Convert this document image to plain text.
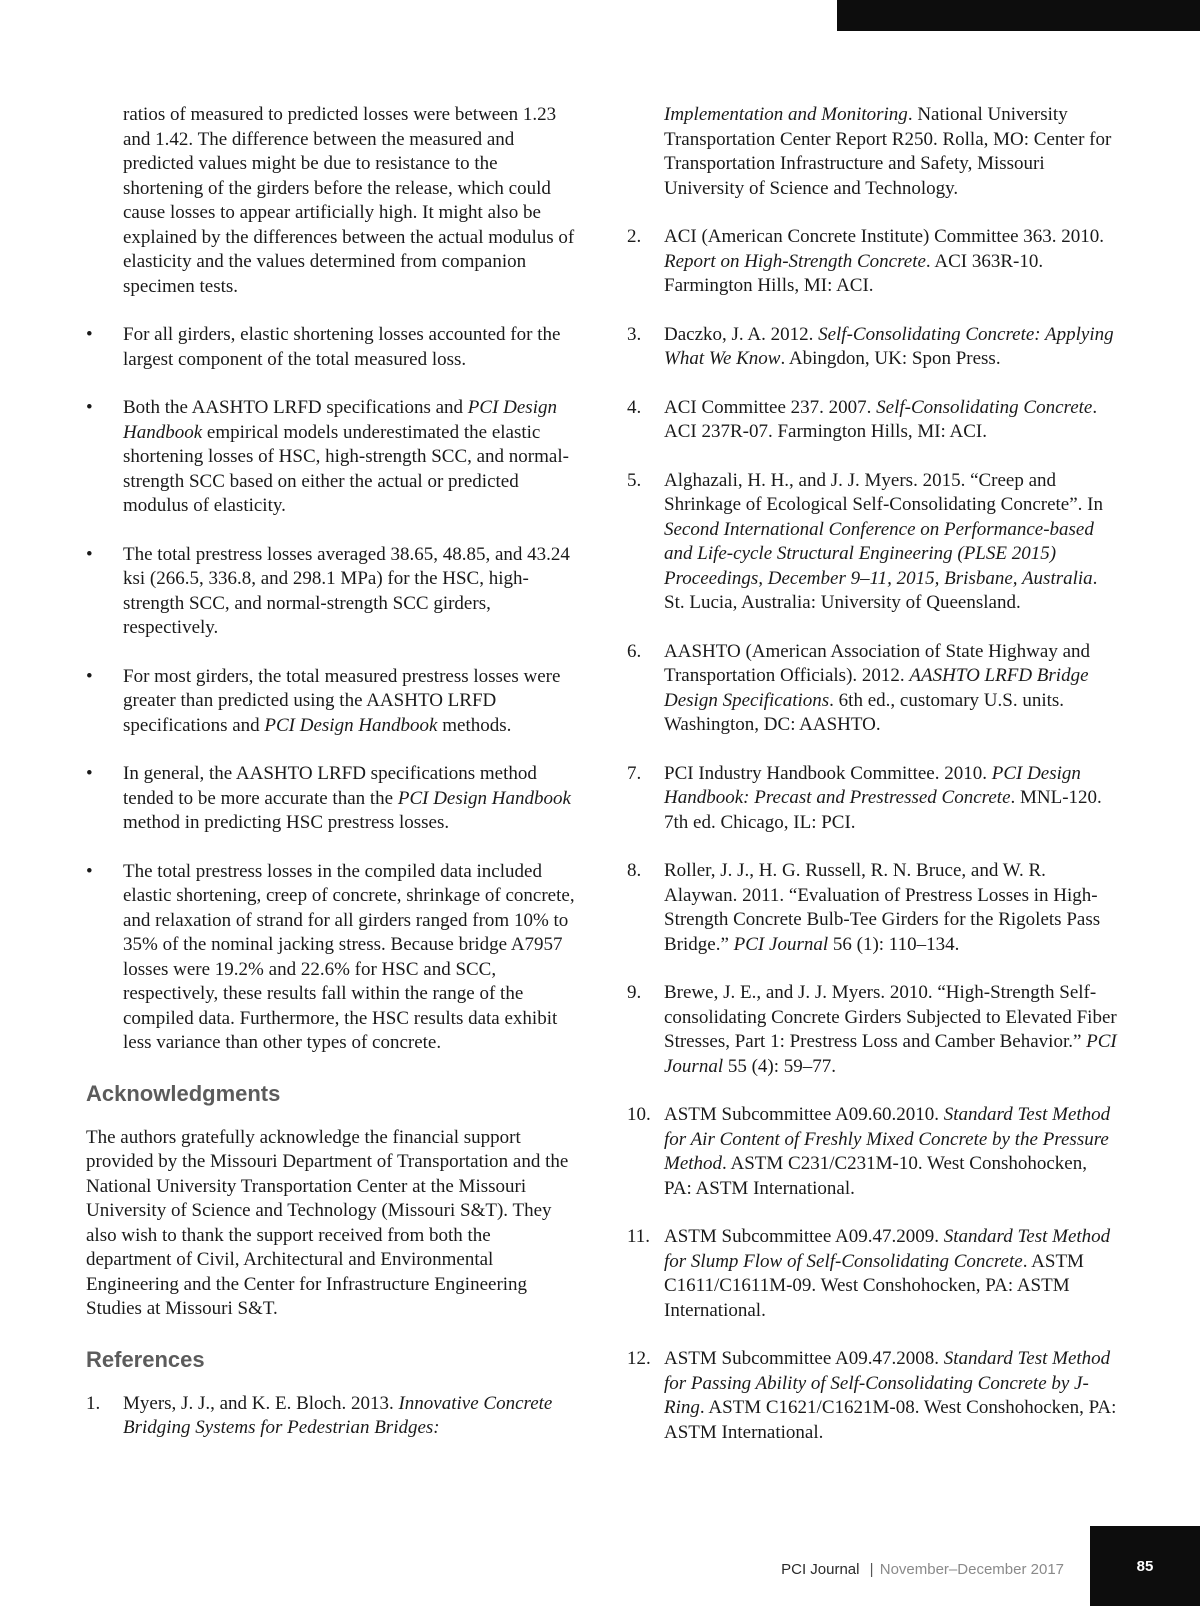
ratios of measured to predicted losses were between 1.23 and 1.42. The difference between the measured and predicted values might be due to resistance to the shortening of the girders before the release, which could cause losses to appear artificially high. It might also be explained by the differences between the actual modulus of elasticity and the values determined from companion specimen tests.

• For all girders, elastic shortening losses accounted for the largest component of the total measured loss.
• Both the AASHTO LRFD specifications and PCI Design Handbook empirical models underestimated the elastic shortening losses of HSC, high-strength SCC, and normal-strength SCC based on either the actual or predicted modulus of elasticity.
• The total prestress losses averaged 38.65, 48.85, and 43.24 ksi (266.5, 336.8, and 298.1 MPa) for the HSC, high-strength SCC, and normal-strength SCC girders, respectively.
• For most girders, the total measured prestress losses were greater than predicted using the AASHTO LRFD specifications and PCI Design Handbook methods.
• In general, the AASHTO LRFD specifications method tended to be more accurate than the PCI Design Handbook method in predicting HSC prestress losses.
• The total prestress losses in the compiled data included elastic shortening, creep of concrete, shrinkage of concrete, and relaxation of strand for all girders ranged from 10% to 35% of the nominal jacking stress. Because bridge A7957 losses were 19.2% and 22.6% for HSC and SCC, respectively, these results fall within the range of the compiled data. Furthermore, the HSC results data exhibit less variance than other types of concrete.
Acknowledgments

The authors gratefully acknowledge the financial support provided by the Missouri Department of Transportation and the National University Transportation Center at the Missouri University of Science and Technology (Missouri S&T). They also wish to thank the support received from both the department of Civil, Architectural and Environmental Engineering and the Center for Infrastructure Engineering Studies at Missouri S&T.

References
1. Myers, J. J., and K. E. Bloch. 2013. Innovative Concrete Bridging Systems for Pedestrian Bridges:
Implementation and Monitoring. National University Transportation Center Report R250. Rolla, MO: Center for Transportation Infrastructure and Safety, Missouri University of Science and Technology.
2. ACI (American Concrete Institute) Committee 363. 2010. Report on High-Strength Concrete. ACI 363R-10. Farmington Hills, MI: ACI.
3. Daczko, J. A. 2012. Self-Consolidating Concrete: Applying What We Know. Abingdon, UK: Spon Press.
4. ACI Committee 237. 2007. Self-Consolidating Concrete. ACI 237R-07. Farmington Hills, MI: ACI.
5. Alghazali, H. H., and J. J. Myers. 2015. “Creep and Shrinkage of Ecological Self-Consolidating Concrete”. In Second International Conference on Performance-based and Life-cycle Structural Engineering (PLSE 2015) Proceedings, December 9–11, 2015, Brisbane, Australia. St. Lucia, Australia: University of Queensland.
6. AASHTO (American Association of State Highway and Transportation Officials). 2012. AASHTO LRFD Bridge Design Specifications. 6th ed., customary U.S. units. Washington, DC: AASHTO.
7. PCI Industry Handbook Committee. 2010. PCI Design Handbook: Precast and Prestressed Concrete. MNL-120. 7th ed. Chicago, IL: PCI.
8. Roller, J. J., H. G. Russell, R. N. Bruce, and W. R. Alaywan. 2011. “Evaluation of Prestress Losses in High-Strength Concrete Bulb-Tee Girders for the Rigolets Pass Bridge.” PCI Journal 56 (1): 110–134.
9. Brewe, J. E., and J. J. Myers. 2010. “High-Strength Self-consolidating Concrete Girders Subjected to Elevated Fiber Stresses, Part 1: Prestress Loss and Camber Behavior.” PCI Journal 55 (4): 59–77.
10. ASTM Subcommittee A09.60.2010. Standard Test Method for Air Content of Freshly Mixed Concrete by the Pressure Method. ASTM C231/C231M-10. West Conshohocken, PA: ASTM International.
11. ASTM Subcommittee A09.47.2009. Standard Test Method for Slump Flow of Self-Consolidating Concrete. ASTM C1611/C1611M-09. West Conshohocken, PA: ASTM International.
12. ASTM Subcommittee A09.47.2008. Standard Test Method for Passing Ability of Self-Consolidating Concrete by J-Ring. ASTM C1621/C1621M-08. West Conshohocken, PA: ASTM International.
PCI Journal | November–December 2017	85
